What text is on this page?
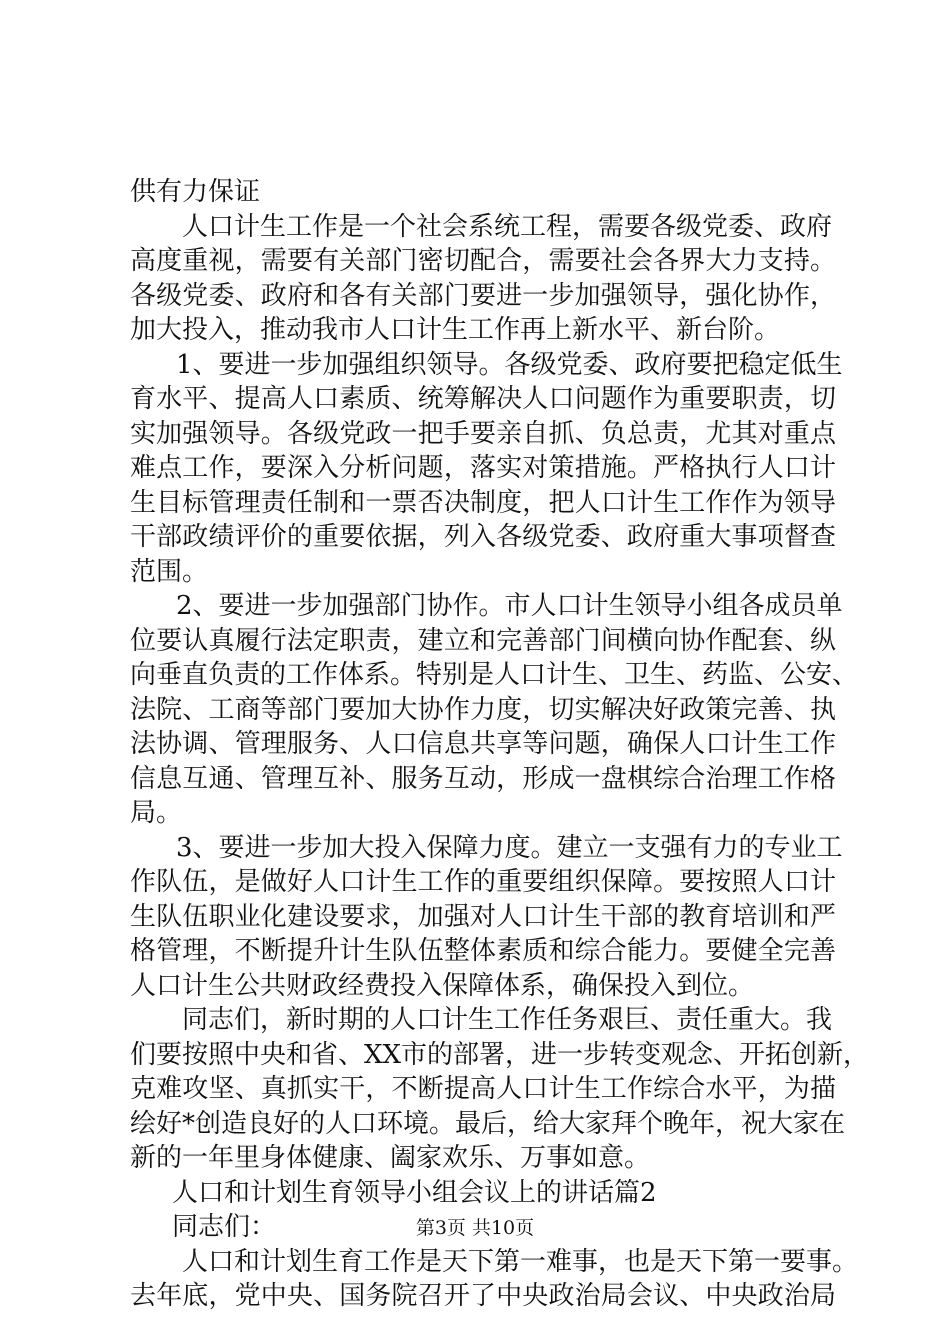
供有力保证
人口计生工作是一个社会系统工程，需要各级党委、政府
高度重视，需要有关部门密切配合，需要社会各界大力支持。
各级党委、政府和各有关部门要进一步加强领导，强化协作，
加大投入，推动我市人口计生工作再上新水平、新台阶。
1、要进一步加强组织领导。各级党委、政府要把稳定低生
育水平、提高人口素质、统筹解决人口问题作为重要职责，切
实加强领导。各级党政一把手要亲自抓、负总责，尤其对重点
难点工作，要深入分析问题，落实对策措施。严格执行人口计
生目标管理责任制和一票否决制度，把人口计生工作作为领导
干部政绩评价的重要依据，列入各级党委、政府重大事项督查
范围。
2、要进一步加强部门协作。市人口计生领导小组各成员单
位要认真履行法定职责，建立和完善部门间横向协作配套、纵
向垂直负责的工作体系。特别是人口计生、卫生、药监、公安、
法院、工商等部门要加大协作力度，切实解决好政策完善、执
法协调、管理服务、人口信息共享等问题，确保人口计生工作
信息互通、管理互补、服务互动，形成一盘棋综合治理工作格
局。
3、要进一步加大投入保障力度。建立一支强有力的专业工
作队伍，是做好人口计生工作的重要组织保障。要按照人口计
生队伍职业化建设要求，加强对人口计生干部的教育培训和严
格管理，不断提升计生队伍整体素质和综合能力。要健全完善
人口计生公共财政经费投入保障体系，确保投入到位。
同志们，新时期的人口计生工作任务艰巨、责任重大。我
们要按照中央和省、XX市的部署，进一步转变观念、开拓创新，
克难攻坚、真抓实干，不断提高人口计生工作综合水平，为描
绘好*创造良好的人口环境。最后，给大家拜个晚年，祝大家在
新的一年里身体健康、阖家欢乐、万事如意。
人口和计划生育领导小组会议上的讲话篇2
同志们：
人口和计划生育工作是天下第一难事，也是天下第一要事。
去年底，党中央、国务院召开了中央政治局会议、中央政治局
第3页 共10页
